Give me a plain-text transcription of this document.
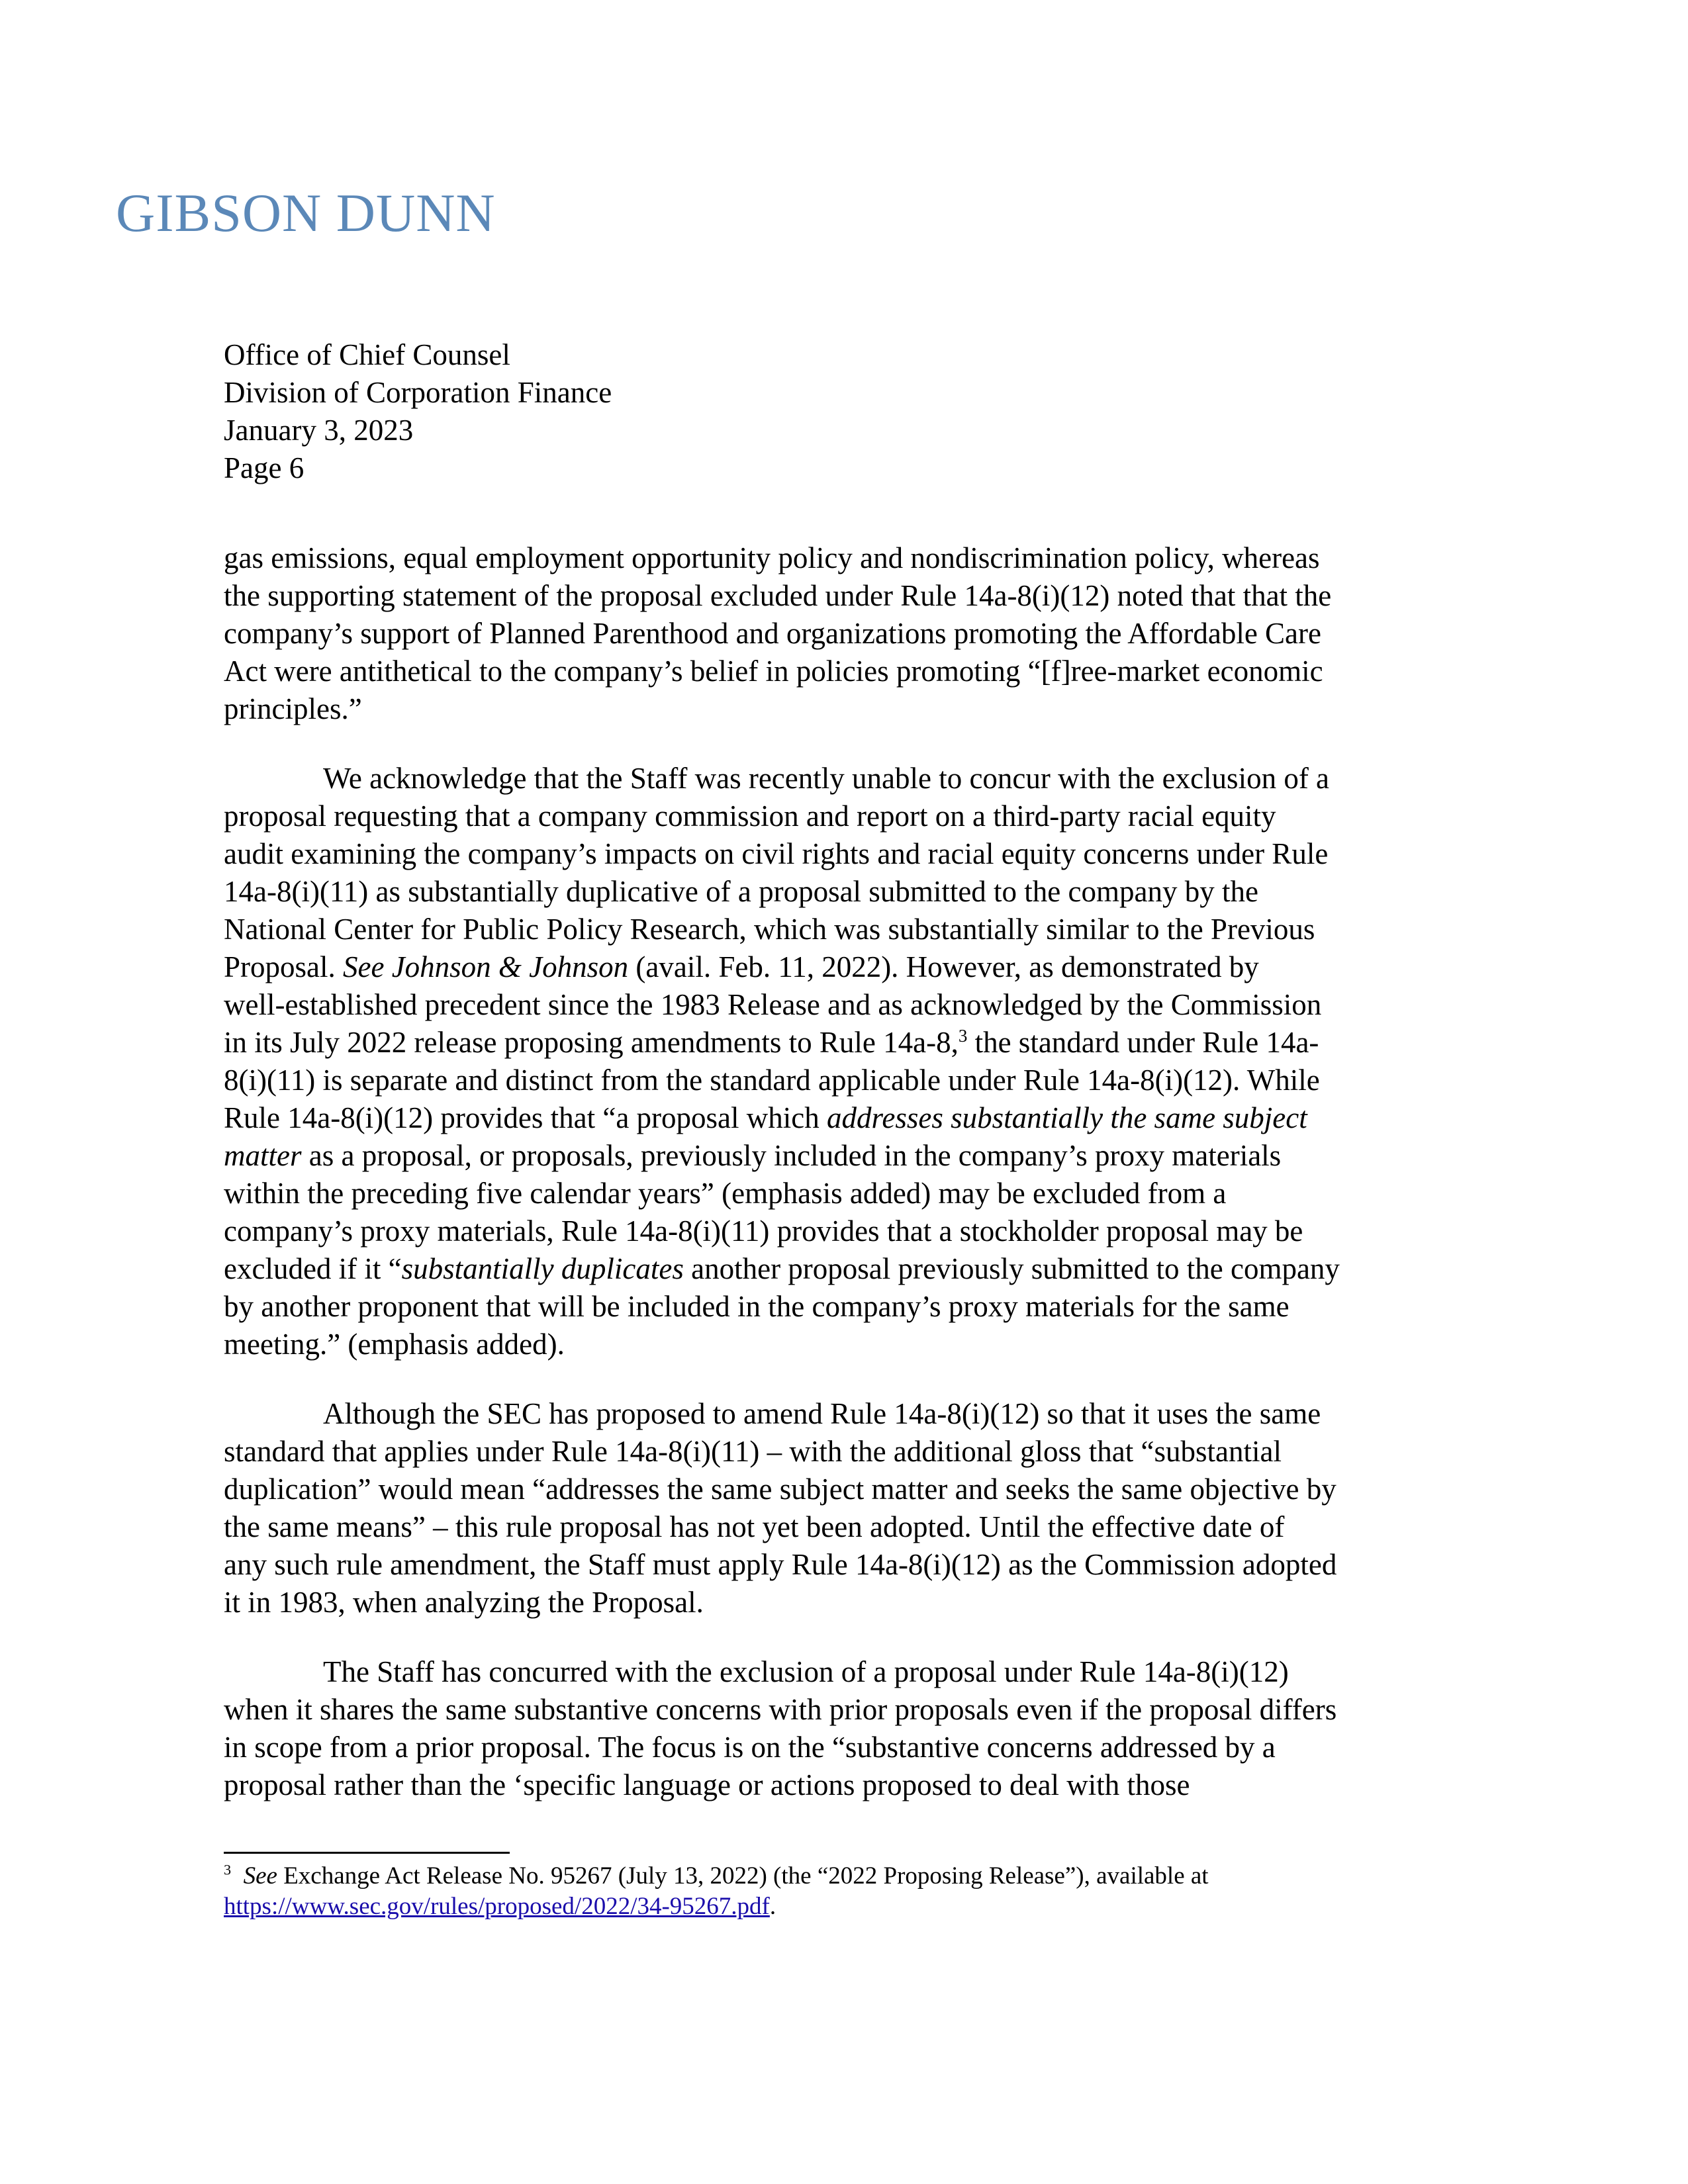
GIBSON DUNN
Office of Chief Counsel
Division of Corporation Finance
January 3, 2023
Page 6
gas emissions, equal employment opportunity policy and nondiscrimination policy, whereas
the supporting statement of the proposal excluded under Rule 14a-8(i)(12) noted that that the
company’s support of Planned Parenthood and organizations promoting the Affordable Care
Act were antithetical to the company’s belief in policies promoting “[f]ree-market economic
principles.”
We acknowledge that the Staff was recently unable to concur with the exclusion of a
proposal requesting that a company commission and report on a third-party racial equity
audit examining the company’s impacts on civil rights and racial equity concerns under Rule
14a-8(i)(11) as substantially duplicative of a proposal submitted to the company by the
National Center for Public Policy Research, which was substantially similar to the Previous
Proposal. See Johnson & Johnson (avail. Feb. 11, 2022). However, as demonstrated by
well-established precedent since the 1983 Release and as acknowledged by the Commission
in its July 2022 release proposing amendments to Rule 14a-8,$^3$ the standard under Rule 14a-
8(i)(11) is separate and distinct from the standard applicable under Rule 14a-8(i)(12). While
Rule 14a-8(i)(12) provides that “a proposal which addresses substantially the same subject
matter as a proposal, or proposals, previously included in the company’s proxy materials
within the preceding five calendar years” (emphasis added) may be excluded from a
company’s proxy materials, Rule 14a-8(i)(11) provides that a stockholder proposal may be
excluded if it “substantially duplicates another proposal previously submitted to the company
by another proponent that will be included in the company’s proxy materials for the same
meeting.” (emphasis added).
Although the SEC has proposed to amend Rule 14a-8(i)(12) so that it uses the same
standard that applies under Rule 14a-8(i)(11) – with the additional gloss that “substantial
duplication” would mean “addresses the same subject matter and seeks the same objective by
the same means” – this rule proposal has not yet been adopted. Until the effective date of
any such rule amendment, the Staff must apply Rule 14a-8(i)(12) as the Commission adopted
it in 1983, when analyzing the Proposal.
The Staff has concurred with the exclusion of a proposal under Rule 14a-8(i)(12)
when it shares the same substantive concerns with prior proposals even if the proposal differs
in scope from a prior proposal. The focus is on the “substantive concerns addressed by a
proposal rather than the ‘specific language or actions proposed to deal with those
$^3$ See Exchange Act Release No. 95267 (July 13, 2022) (the “2022 Proposing Release”), available at
https://www.sec.gov/rules/proposed/2022/34-95267.pdf.
